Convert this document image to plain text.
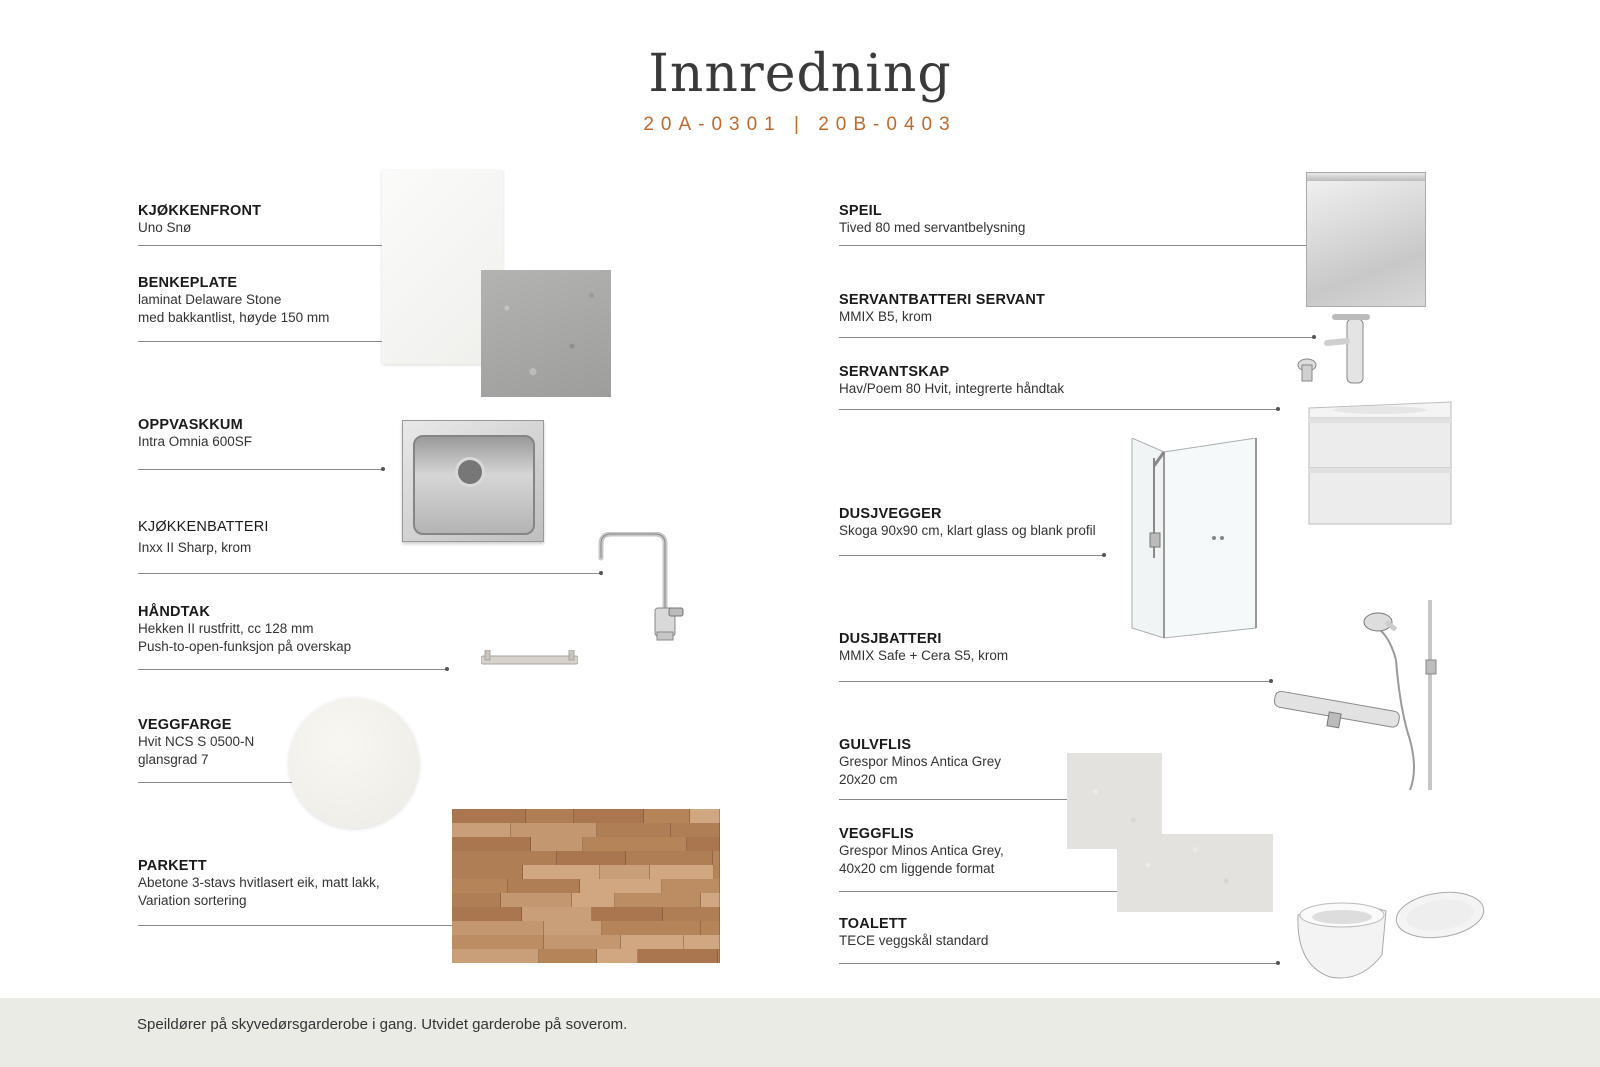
Innredning
20A-0301 | 20B-0403
KJØKKENFRONT
Uno Snø
BENKEPLATE
laminat Delaware Stone
med bakkantlist, høyde 150 mm
OPPVASKKUM
Intra Omnia 600SF
KJØKKENBATTERI
Inxx II Sharp, krom
HÅNDTAK
Hekken II rustfritt, cc 128 mm
Push-to-open-funksjon på overskap
VEGGFARGE
Hvit NCS S 0500-N
glansgrad 7
PARKETT
Abetone 3-stavs hvitlasert eik, matt lakk,
Variation sortering
SPEIL
Tived 80 med servantbelysning
SERVANTBATTERI SERVANT
MMIX B5, krom
SERVANTSKAP
Hav/Poem 80 Hvit, integrerte håndtak
DUSJVEGGER
Skoga 90x90 cm, klart glass og blank profil
DUSJBATTERI
MMIX Safe + Cera S5, krom
GULVFLIS
Grespor Minos Antica Grey
20x20 cm
VEGGFLIS
Grespor Minos Antica Grey,
40x20 cm liggende format
TOALETT
TECE veggskål standard
Speildører på skyvedørsgarderobe i gang. Utvidet garderobe på soverom.
